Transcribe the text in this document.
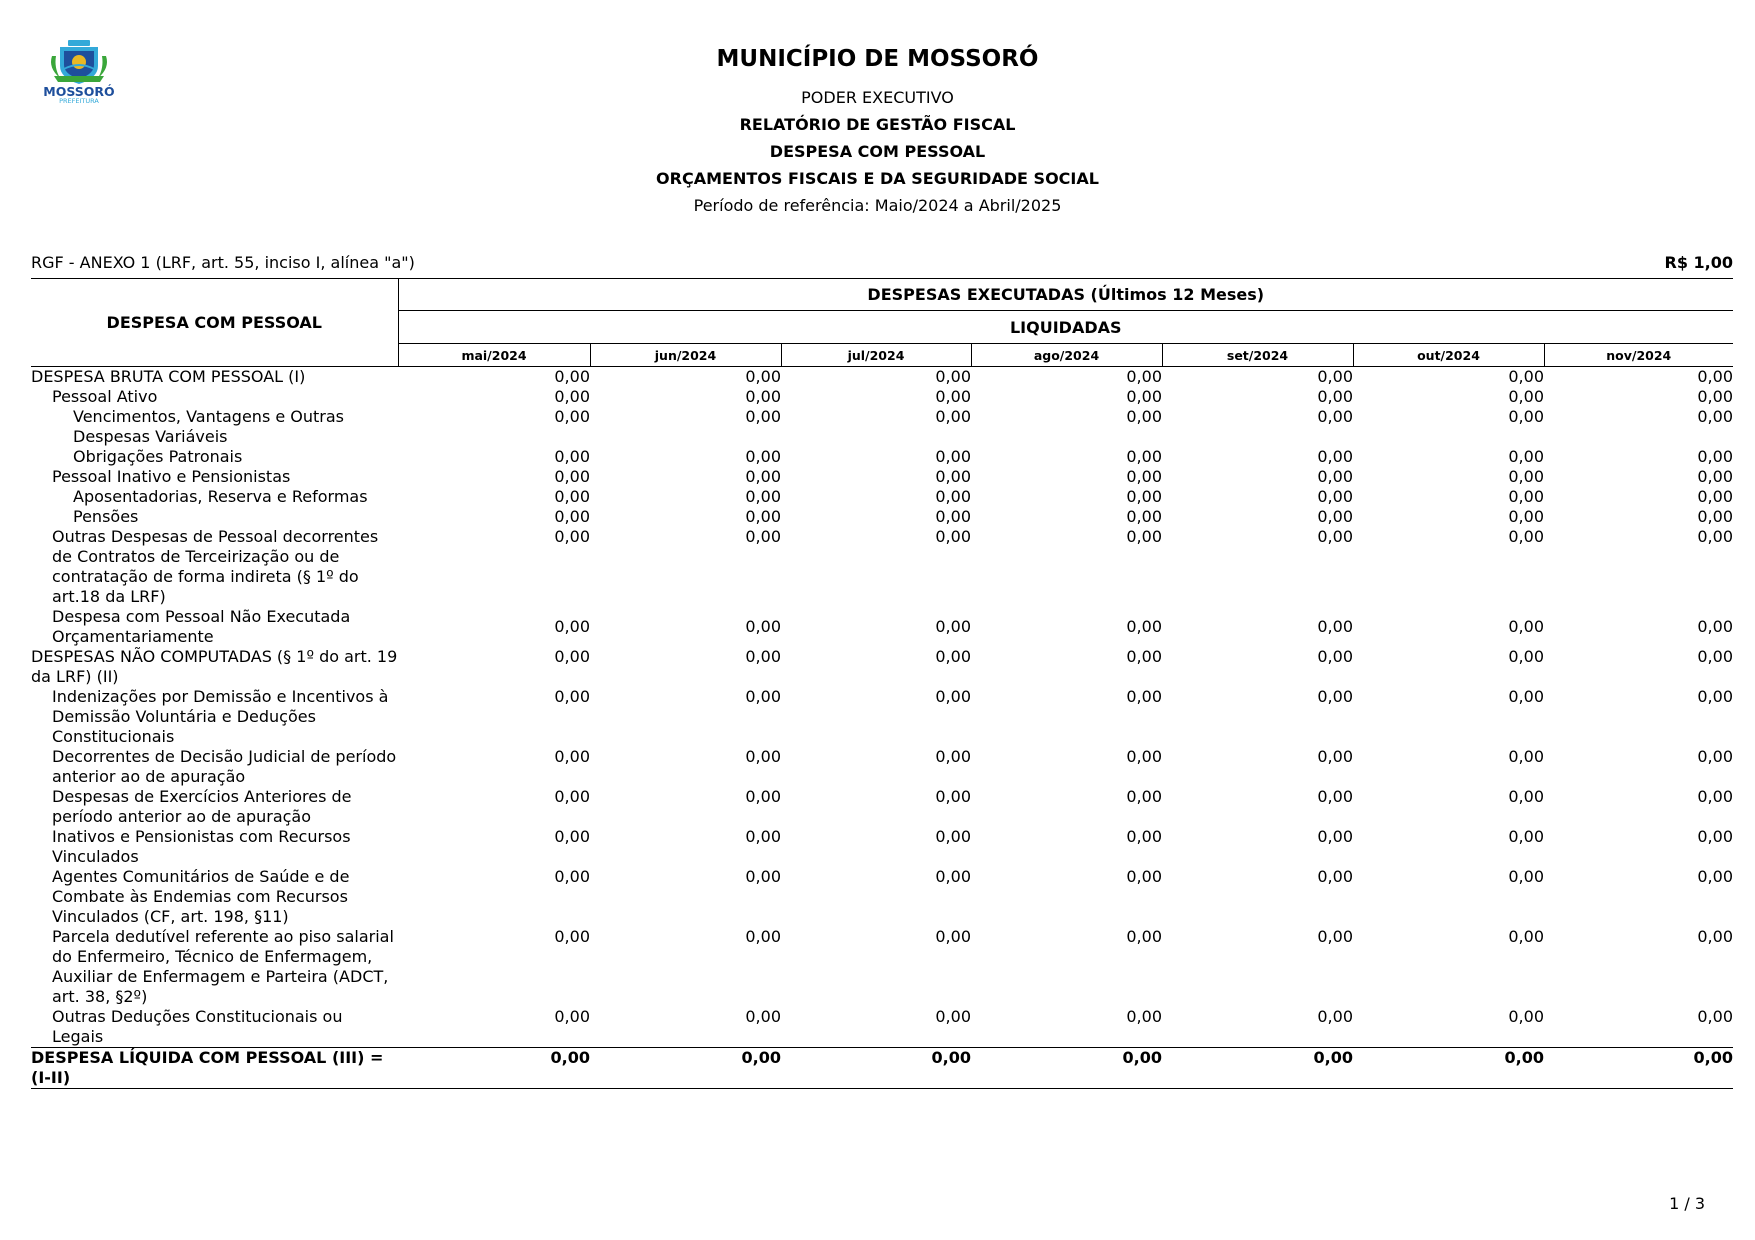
MOSSORÓ
PREFEITURA
MUNICÍPIO DE MOSSORÓ
PODER EXECUTIVO
RELATÓRIO DE GESTÃO FISCAL
DESPESA COM PESSOAL
ORÇAMENTOS FISCAIS E DA SEGURIDADE SOCIAL
Período de referência: Maio/2024 a Abril/2025
RGF - ANEXO 1 (LRF, art. 55, inciso I, alínea "a")	R$ 1,00
DESPESA COM PESSOAL	DESPESAS EXECUTADAS (Últimos 12 Meses)						
	LIQUIDADAS						
	mai/2024	jun/2024	jul/2024	ago/2024	set/2024	out/2024	nov/2024
DESPESA BRUTA COM PESSOAL (I)	0,00	0,00	0,00	0,00	0,00	0,00	0,00
Pessoal Ativo	0,00	0,00	0,00	0,00	0,00	0,00	0,00
Vencimentos, Vantagens e Outras Despesas Variáveis	0,00	0,00	0,00	0,00	0,00	0,00	0,00
Obrigações Patronais	0,00	0,00	0,00	0,00	0,00	0,00	0,00
Pessoal Inativo e Pensionistas	0,00	0,00	0,00	0,00	0,00	0,00	0,00
Aposentadorias, Reserva e Reformas	0,00	0,00	0,00	0,00	0,00	0,00	0,00
Pensões	0,00	0,00	0,00	0,00	0,00	0,00	0,00
Outras Despesas de Pessoal decorrentes de Contratos de Terceirização ou de contratação de forma indireta (§ 1º do art.18 da LRF)	0,00	0,00	0,00	0,00	0,00	0,00	0,00
Despesa com Pessoal Não Executada Orçamentariamente	0,00	0,00	0,00	0,00	0,00	0,00	0,00
DESPESAS NÃO COMPUTADAS (§ 1º do art. 19 da LRF) (II)	0,00	0,00	0,00	0,00	0,00	0,00	0,00
Indenizações por Demissão e Incentivos à Demissão Voluntária e Deduções Constitucionais	0,00	0,00	0,00	0,00	0,00	0,00	0,00
Decorrentes de Decisão Judicial de período anterior ao de apuração	0,00	0,00	0,00	0,00	0,00	0,00	0,00
Despesas de Exercícios Anteriores de período anterior ao de apuração	0,00	0,00	0,00	0,00	0,00	0,00	0,00
Inativos e Pensionistas com Recursos Vinculados	0,00	0,00	0,00	0,00	0,00	0,00	0,00
Agentes Comunitários de Saúde e de Combate às Endemias com Recursos Vinculados (CF, art. 198, §11)	0,00	0,00	0,00	0,00	0,00	0,00	0,00
Parcela dedutível referente ao piso salarial do Enfermeiro, Técnico de Enfermagem, Auxiliar de Enfermagem e Parteira (ADCT, art. 38, §2º)	0,00	0,00	0,00	0,00	0,00	0,00	0,00
Outras Deduções Constitucionais ou Legais	0,00	0,00	0,00	0,00	0,00	0,00	0,00
DESPESA LÍQUIDA COM PESSOAL (III) = (I-II)	0,00	0,00	0,00	0,00	0,00	0,00	0,00
1 / 3
